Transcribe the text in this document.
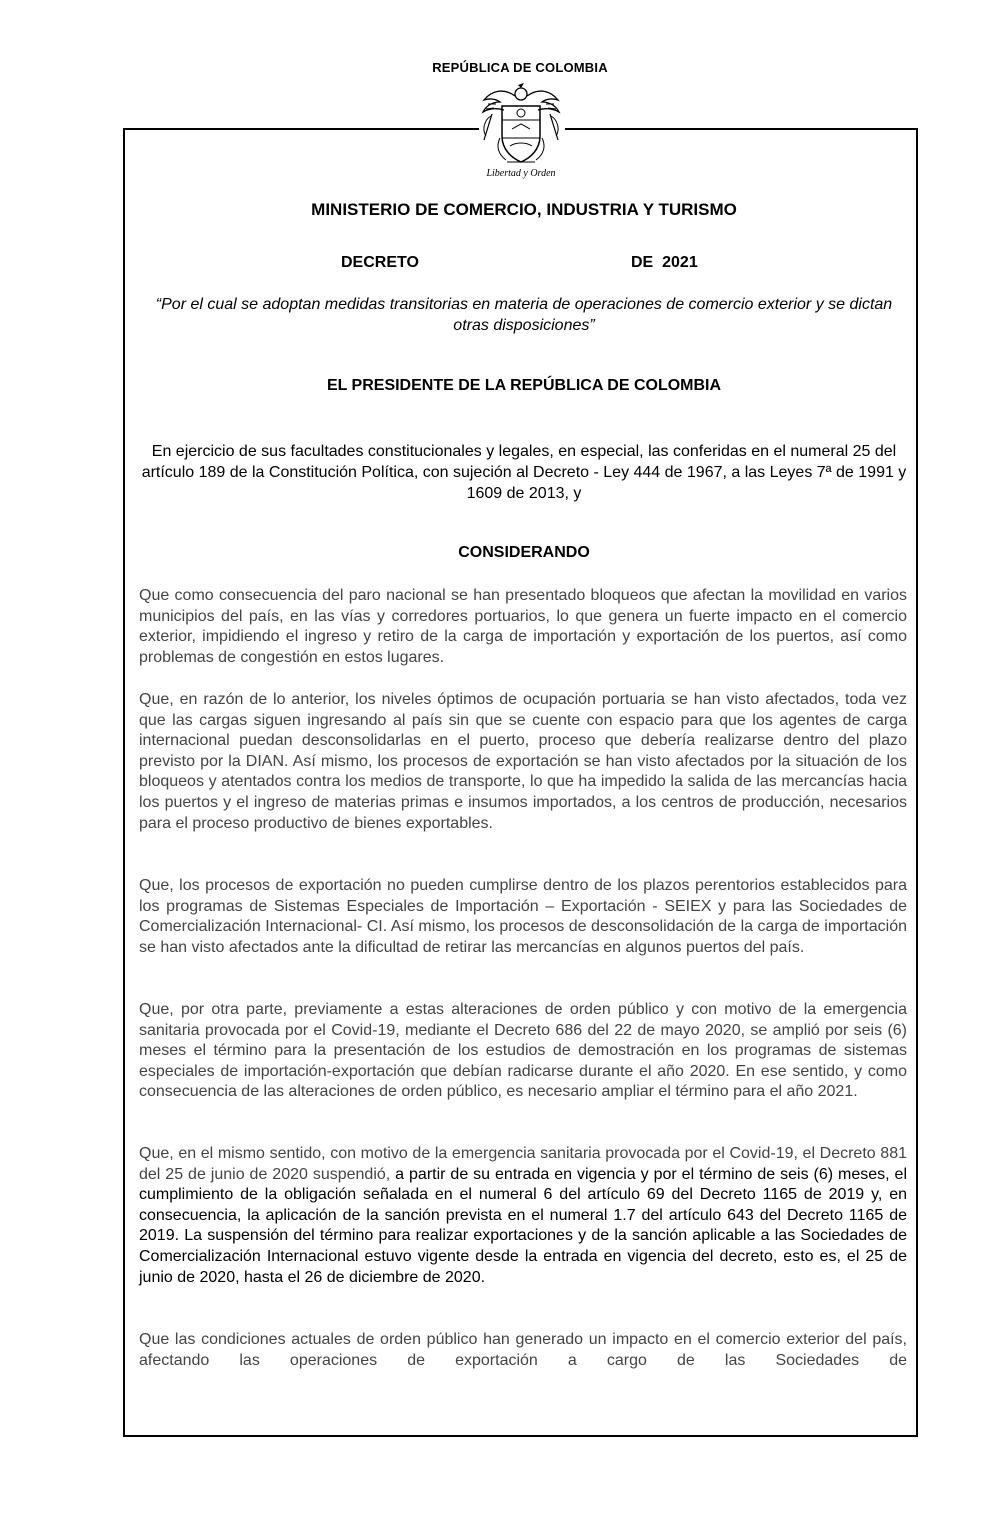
REPÚBLICA DE COLOMBIA
Libertad y Orden
MINISTERIO DE COMERCIO, INDUSTRIA Y TURISMO
DECRETO	DE  2021
“Por el cual se adoptan medidas transitorias en materia de operaciones de comercio exterior y se dictan otras disposiciones”
EL PRESIDENTE DE LA REPÚBLICA DE COLOMBIA
En ejercicio de sus facultades constitucionales y legales, en especial, las conferidas en el numeral 25 del artículo 189 de la Constitución Política, con sujeción al Decreto - Ley 444 de 1967, a las Leyes 7ª de 1991 y 1609 de 2013, y
CONSIDERANDO

Que como consecuencia del paro nacional se han presentado bloqueos que afectan la movilidad en varios municipios del país, en las vías y corredores portuarios, lo que genera un fuerte impacto en el comercio exterior, impidiendo el ingreso y retiro de la carga de importación y exportación de los puertos, así como problemas de congestión en estos lugares.

Que, en razón de lo anterior, los niveles óptimos de ocupación portuaria se han visto afectados, toda vez que las cargas siguen ingresando al país sin que se cuente con espacio para que los agentes de carga internacional puedan desconsolidarlas en el puerto, proceso que debería realizarse dentro del plazo previsto por la DIAN. Así mismo, los procesos de exportación se han visto afectados por la situación de los bloqueos y atentados contra los medios de transporte, lo que ha impedido la salida de las mercancías hacia los puertos y el ingreso de materias primas e insumos importados, a los centros de producción, necesarios para el proceso productivo de bienes exportables.

Que, los procesos de exportación no pueden cumplirse dentro de los plazos perentorios establecidos para los programas de Sistemas Especiales de Importación – Exportación - SEIEX y para las Sociedades de Comercialización Internacional- CI. Así mismo, los procesos de desconsolidación de la carga de importación se han visto afectados ante la dificultad de retirar las mercancías en algunos puertos del país.

Que, por otra parte, previamente a estas alteraciones de orden público y con motivo de la emergencia sanitaria provocada por el Covid-19, mediante el Decreto 686 del 22 de mayo 2020, se amplió por seis (6) meses el término para la presentación de los estudios de demostración en los programas de sistemas especiales de importación-exportación que debían radicarse durante el año 2020. En ese sentido, y como consecuencia de las alteraciones de orden público, es necesario ampliar el término para el año 2021.

Que, en el mismo sentido, con motivo de la emergencia sanitaria provocada por el Covid-19, el Decreto 881 del 25 de junio de 2020 suspendió, a partir de su entrada en vigencia y por el término de seis (6) meses, el cumplimiento de la obligación señalada en el numeral 6 del artículo 69 del Decreto 1165 de 2019 y, en consecuencia, la aplicación de la sanción prevista en el numeral 1.7 del artículo 643 del Decreto 1165 de 2019. La suspensión del término para realizar exportaciones y de la sanción aplicable a las Sociedades de Comercialización Internacional estuvo vigente desde la entrada en vigencia del decreto, esto es, el 25 de junio de 2020, hasta el 26 de diciembre de 2020.

Que las condiciones actuales de orden público han generado un impacto en el comercio exterior del país, afectando las operaciones de exportación a cargo de las Sociedades de
